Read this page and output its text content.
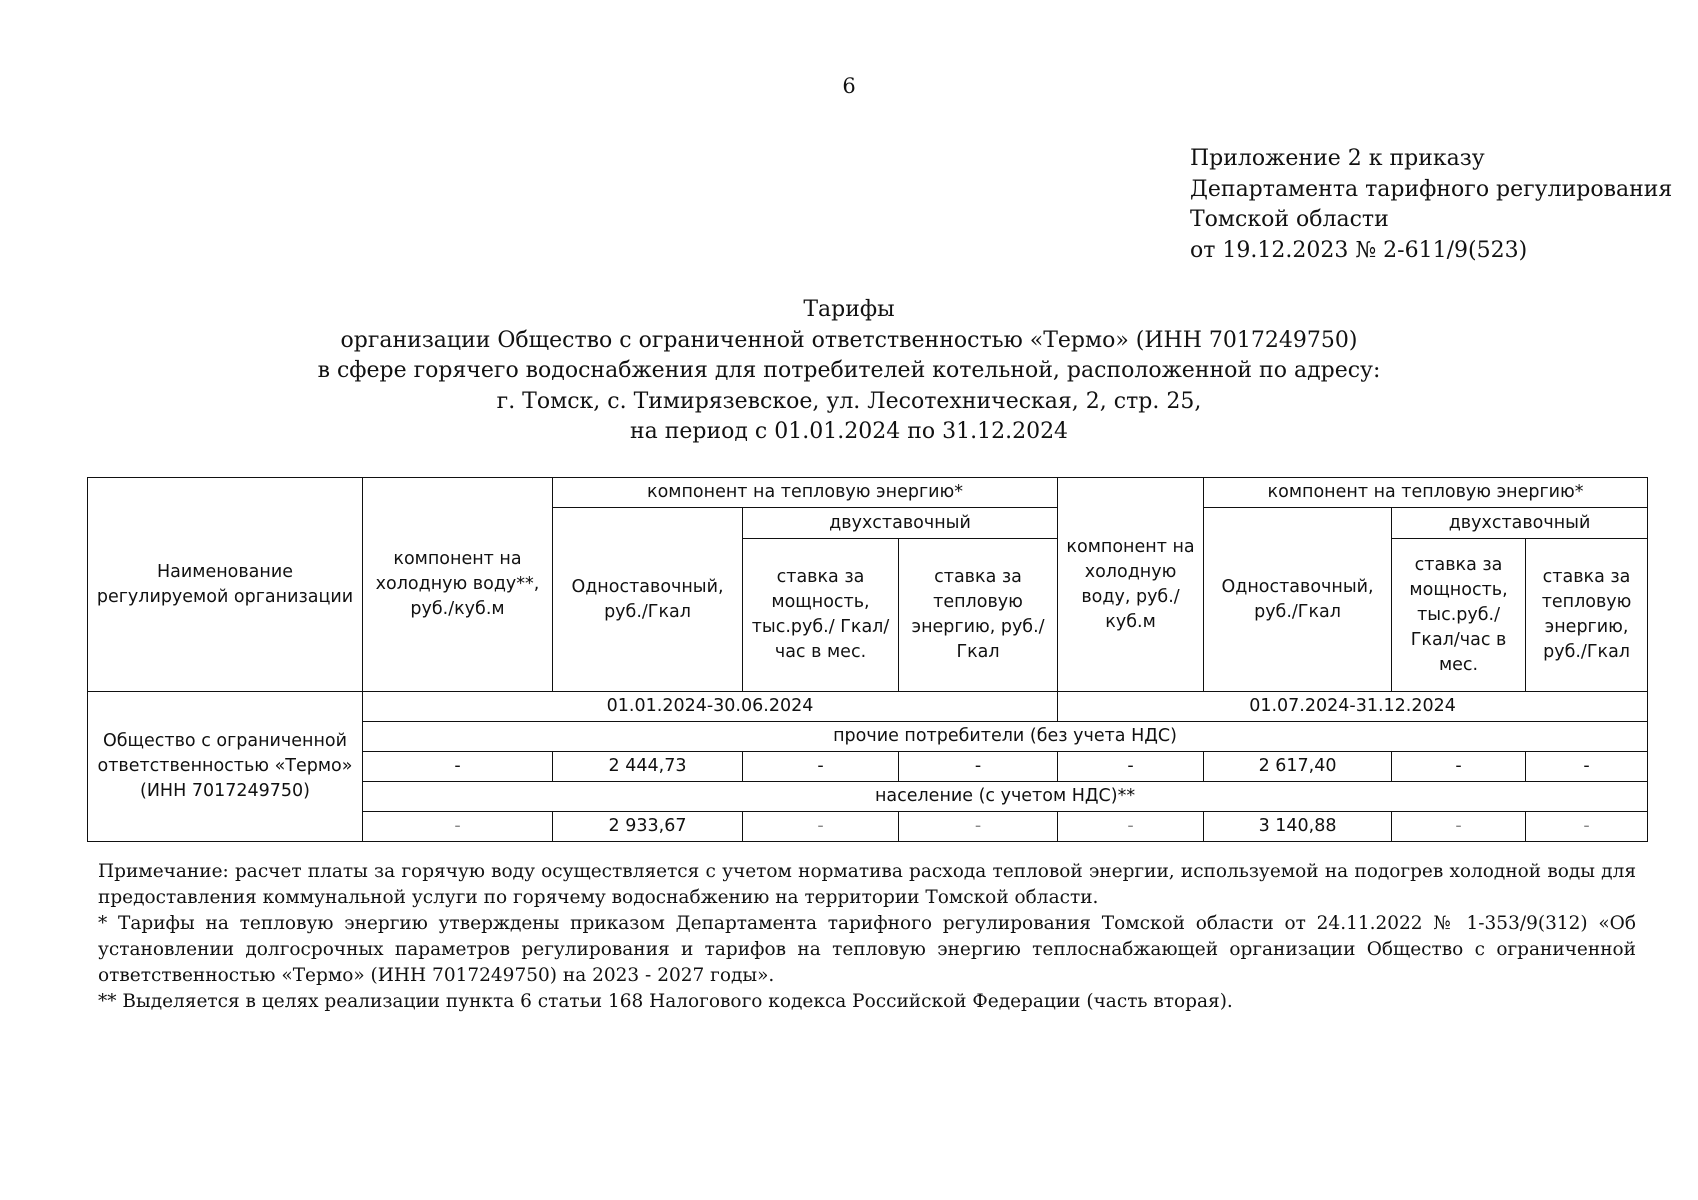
6
Приложение 2 к приказу
Департамента тарифного регулирования
Томской области
от 19.12.2023 № 2-611/9(523)
Тарифы
организации Общество с ограниченной ответственностью «Термо» (ИНН 7017249750)
в сфере горячего водоснабжения для потребителей котельной, расположенной по адресу:
г. Томск, с. Тимирязевское, ул. Лесотехническая, 2, стр. 25,
на период с 01.01.2024 по 31.12.2024
Наименование регулируемой организации	компонент на холодную воду**, руб./куб.м	компонент на тепловую энергию*			компонент на холодную воду, руб./куб.м	компонент на тепловую энергию*		
		Одноставочный, руб./Гкал	двухставочный			Одноставочный, руб./Гкал	двухставочный	
			ставка за мощность, тыс.руб./ Гкал/час в мес.	ставка за тепловую энергию, руб./Гкал			ставка за мощность, тыс.руб./ Гкал/час в мес.	ставка за тепловую энергию, руб./Гкал

Общество с ограниченной ответственностью «Термо» (ИНН 7017249750)	01.01.2024-30.06.2024				01.07.2024-31.12.2024			
	прочие потребители (без учета НДС)							
	-	2 444,73	-	-	-	2 617,40	-	-
	население (с учетом НДС)**							
	-	2 933,67	-	-	-	3 140,88	-	-

Примечание: расчет платы за горячую воду осуществляется с учетом норматива расхода тепловой энергии, используемой на подогрев холодной воды для предоставления коммунальной услуги по горячему водоснабжению на территории Томской области.

* Тарифы на тепловую энергию утверждены приказом Департамента тарифного регулирования Томской области от 24.11.2022 № 1-353/9(312) «Об установлении долгосрочных параметров регулирования и тарифов на тепловую энергию теплоснабжающей организации Общество с ограниченной ответственностью «Термо» (ИНН 7017249750) на 2023 - 2027 годы».

** Выделяется в целях реализации пункта 6 статьи 168 Налогового кодекса Российской Федерации (часть вторая).
